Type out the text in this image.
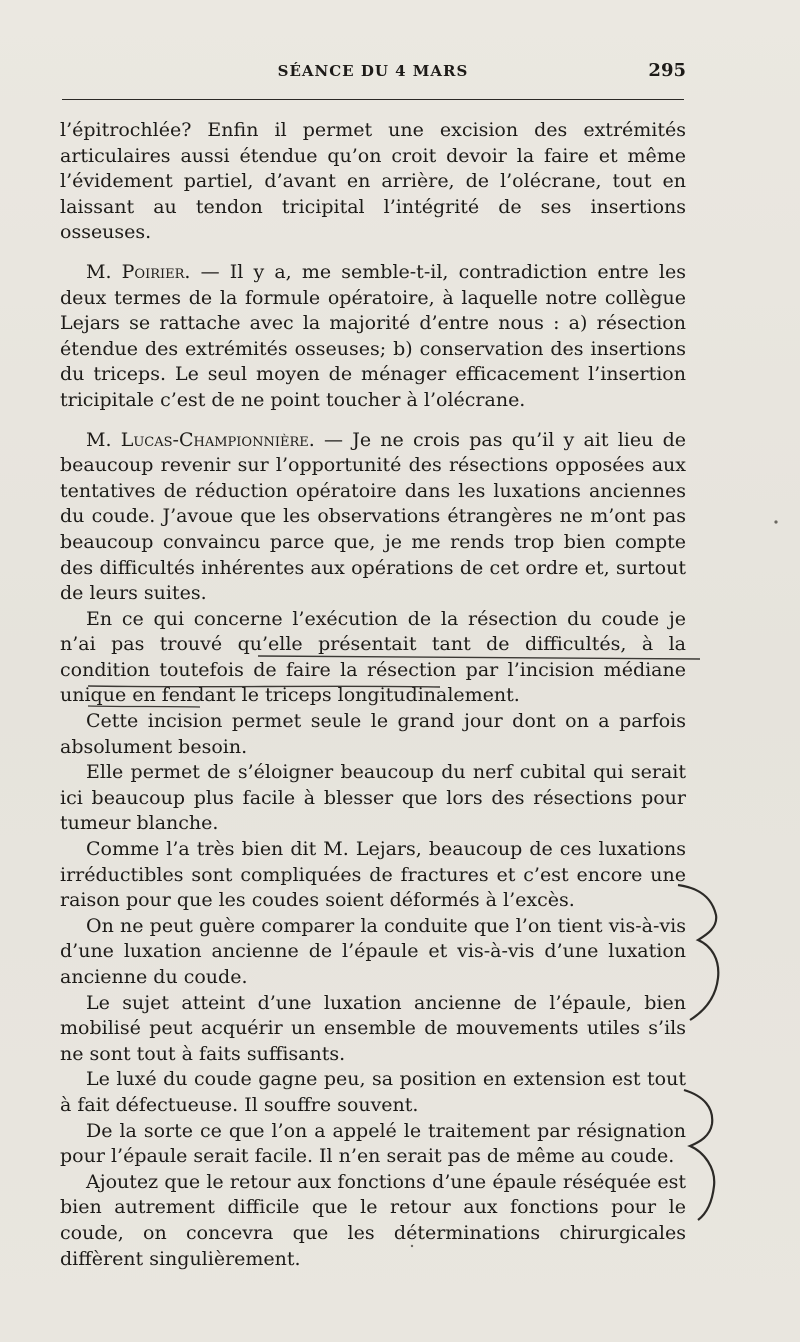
SÉANCE DU 4 MARS	295

l’épitrochlée? Enfin il permet une excision des extrémités articulaires aussi étendue qu’on croit devoir la faire et même l’évidement partiel, d’avant en arrière, de l’olécrane, tout en laissant au tendon tricipital l’intégrité de ses insertions osseuses.

M. Poirier. — Il y a, me semble-t-il, contradiction entre les deux termes de la formule opératoire, à laquelle notre collègue Lejars se rattache avec la majorité d’entre nous : a) résection étendue des extrémités osseuses; b) conservation des insertions du triceps. Le seul moyen de ménager efficacement l’insertion tricipitale c’est de ne point toucher à l’olécrane.

M. Lucas-Championnière. — Je ne crois pas qu’il y ait lieu de beaucoup revenir sur l’opportunité des résections opposées aux tentatives de réduction opératoire dans les luxations anciennes du coude. J’avoue que les observations étrangères ne m’ont pas beaucoup convaincu parce que, je me rends trop bien compte des difficultés inhérentes aux opérations de cet ordre et, surtout de leurs suites.

En ce qui concerne l’exécution de la résection du coude je n’ai pas trouvé qu’elle présentait tant de difficultés, à la condition toutefois de faire la résection par l’incision médiane unique en fendant le triceps longitudinalement.

Cette incision permet seule le grand jour dont on a parfois absolument besoin.

Elle permet de s’éloigner beaucoup du nerf cubital qui serait ici beaucoup plus facile à blesser que lors des résections pour tumeur blanche.

Comme l’a très bien dit M. Lejars, beaucoup de ces luxations irréductibles sont compliquées de fractures et c’est encore une raison pour que les coudes soient déformés à l’excès.

On ne peut guère comparer la conduite que l’on tient vis-à-vis d’une luxation ancienne de l’épaule et vis-à-vis d’une luxation ancienne du coude.

Le sujet atteint d’une luxation ancienne de l’épaule, bien mobilisé peut acquérir un ensemble de mouvements utiles s’ils ne sont tout à faits suffisants.

Le luxé du coude gagne peu, sa position en extension est tout à fait défectueuse. Il souffre souvent.

De la sorte ce que l’on a appelé le traitement par résignation pour l’épaule serait facile. Il n’en serait pas de même au coude.

Ajoutez que le retour aux fonctions d’une épaule réséquée est bien autrement difficile que le retour aux fonctions pour le coude, on concevra que les déterminations chirurgicales diffèrent singulièrement.
